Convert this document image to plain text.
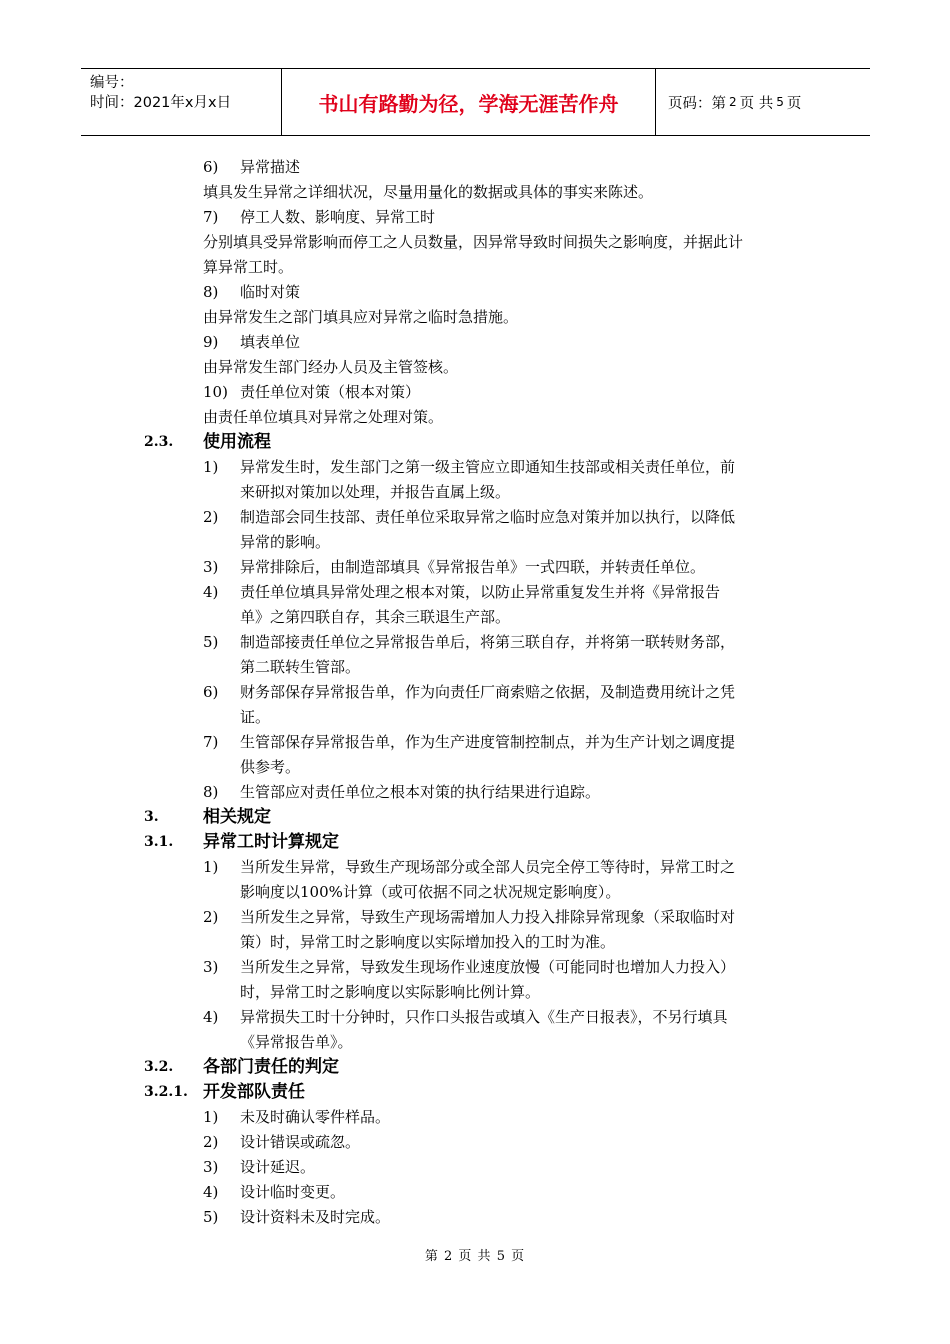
编号：
时间：2021年x月x日	书山有路勤为径，学海无涯苦作舟	页码：第 2 页 共 5 页
6) 异常描述
填具发生异常之详细状况，尽量用量化的数据或具体的事实来陈述。
7) 停工人数、影响度、异常工时
分别填具受异常影响而停工之人员数量，因异常导致时间损失之影响度，并据此计
算异常工时。
8) 临时对策
由异常发生之部门填具应对异常之临时急措施。
9) 填表单位
由异常发生部门经办人员及主管签核。
10) 责任单位对策（根本对策）
由责任单位填具对异常之处理对策。
2.3. 使用流程
1) 异常发生时，发生部门之第一级主管应立即通知生技部或相关责任单位，前
来研拟对策加以处理，并报告直属上级。
2) 制造部会同生技部、责任单位采取异常之临时应急对策并加以执行，以降低
异常的影响。
3) 异常排除后，由制造部填具《异常报告单》一式四联，并转责任单位。
4) 责任单位填具异常处理之根本对策，以防止异常重复发生并将《异常报告
单》之第四联自存，其余三联退生产部。
5) 制造部接责任单位之异常报告单后，将第三联自存，并将第一联转财务部，
第二联转生管部。
6) 财务部保存异常报告单，作为向责任厂商索赔之依据，及制造费用统计之凭
证。
7) 生管部保存异常报告单，作为生产进度管制控制点，并为生产计划之调度提
供参考。
8) 生管部应对责任单位之根本对策的执行结果进行追踪。
3.	相关规定
3.1. 异常工时计算规定
1) 当所发生异常，导致生产现场部分或全部人员完全停工等待时，异常工时之
影响度以100%计算（或可依据不同之状况规定影响度）。
2) 当所发生之异常，导致生产现场需增加人力投入排除异常现象（采取临时对
策）时，异常工时之影响度以实际增加投入的工时为准。
3) 当所发生之异常，导致发生现场作业速度放慢（可能同时也增加人力投入）
时，异常工时之影响度以实际影响比例计算。
4) 异常损失工时十分钟时，只作口头报告或填入《生产日报表》，不另行填具
《异常报告单》。
3.2. 各部门责任的判定
3.2.1. 开发部队责任
1) 未及时确认零件样品。
2) 设计错误或疏忽。
3) 设计延迟。
4) 设计临时变更。
5) 设计资料未及时完成。
第 2 页 共 5 页
